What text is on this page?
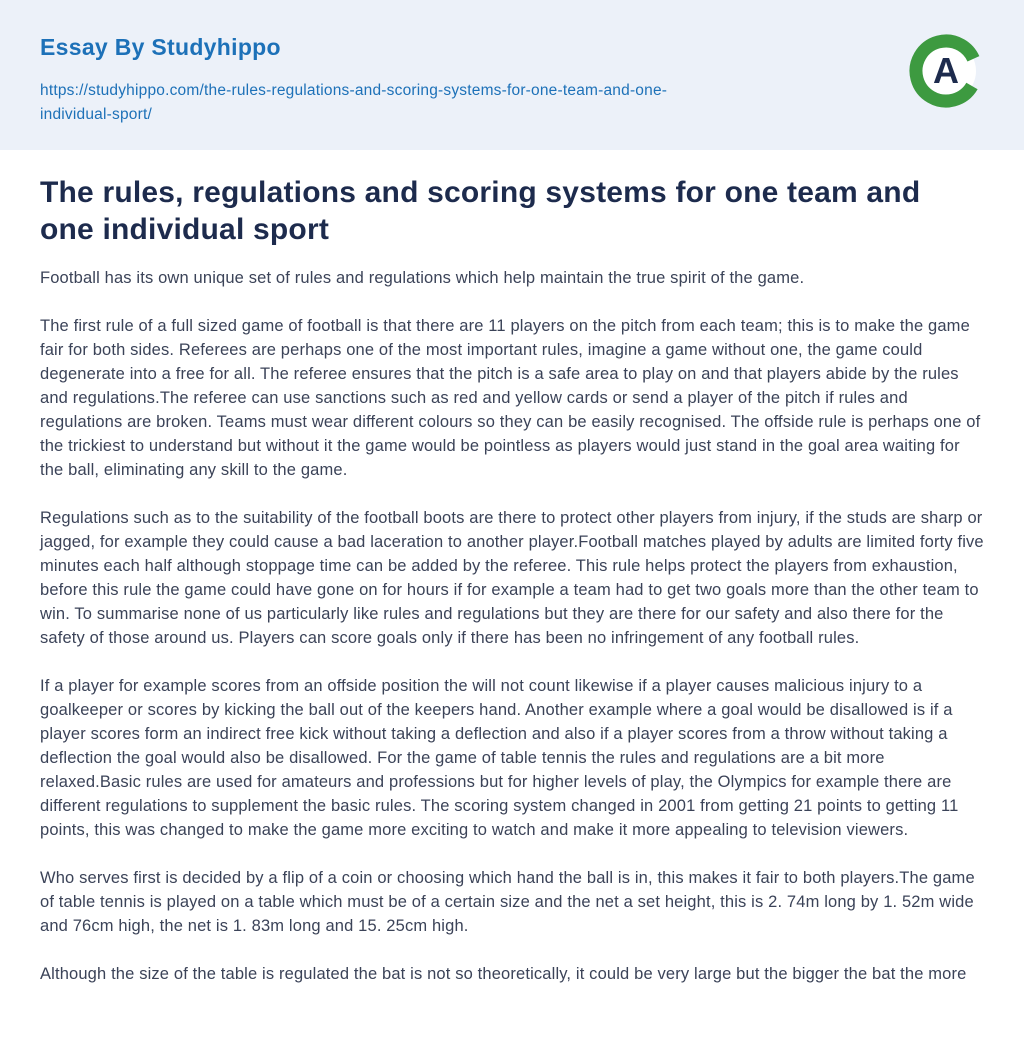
Essay By Studyhippo
https://studyhippo.com/the-rules-regulations-and-scoring-systems-for-one-team-and-one-
individual-sport/
A
The rules, regulations and scoring systems for one team and one individual sport

Football has its own unique set of rules and regulations which help maintain the true spirit of the game.

The first rule of a full sized game of football is that there are 11 players on the pitch from each team; this is to make the game fair for both sides. Referees are perhaps one of the most important rules, imagine a game without one, the game could degenerate into a free for all. The referee ensures that the pitch is a safe area to play on and that players abide by the rules and regulations.The referee can use sanctions such as red and yellow cards or send a player of the pitch if rules and regulations are broken. Teams must wear different colours so they can be easily recognised. The offside rule is perhaps one of the trickiest to understand but without it the game would be pointless as players would just stand in the goal area waiting for the ball, eliminating any skill to the game.

Regulations such as to the suitability of the football boots are there to protect other players from injury, if the studs are sharp or jagged, for example they could cause a bad laceration to another player.Football matches played by adults are limited forty five minutes each half although stoppage time can be added by the referee. This rule helps protect the players from exhaustion, before this rule the game could have gone on for hours if for example a team had to get two goals more than the other team to win. To summarise none of us particularly like rules and regulations but they are there for our safety and also there for the safety of those around us. Players can score goals only if there has been no infringement of any football rules.

If a player for example scores from an offside position the will not count likewise if a player causes malicious injury to a goalkeeper or scores by kicking the ball out of the keepers hand. Another example where a goal would be disallowed is if a player scores form an indirect free kick without taking a deflection and also if a player scores from a throw without taking a deflection the goal would also be disallowed. For the game of table tennis the rules and regulations are a bit more relaxed.Basic rules are used for amateurs and professions but for higher levels of play, the Olympics for example there are different regulations to supplement the basic rules. The scoring system changed in 2001 from getting 21 points to getting 11 points, this was changed to make the game more exciting to watch and make it more appealing to television viewers.

Who serves first is decided by a flip of a coin or choosing which hand the ball is in, this makes it fair to both players.The game of table tennis is played on a table which must be of a certain size and the net a set height, this is 2. 74m long by 1. 52m wide and 76cm high, the net is 1. 83m long and 15. 25cm high.

Although the size of the table is regulated the bat is not so theoretically, it could be very large but the bigger the bat the more
